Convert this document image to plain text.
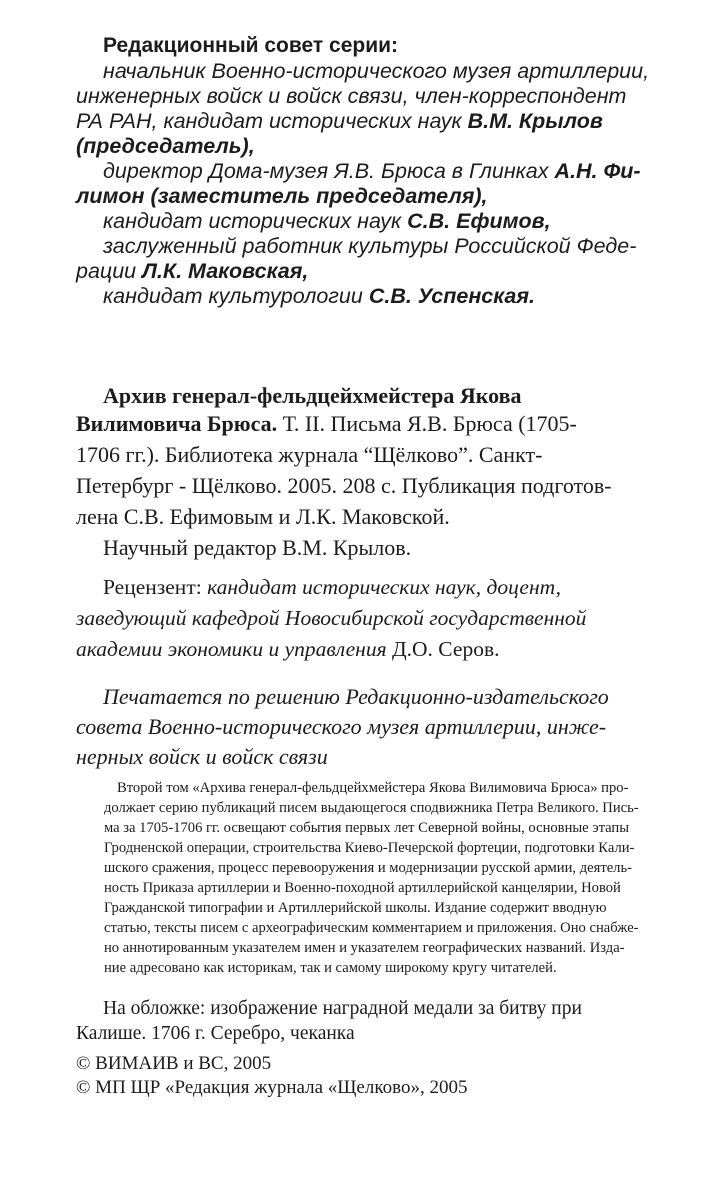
Редакционный совет серии:
начальник Военно-исторического музея артиллерии,
инженерных войск и войск связи, член-корреспондент
РА РАН, кандидат исторических наук В.М. Крылов
(председатель),
директор Дома-музея Я.В. Брюса в Глинках А.Н. Фи-
лимон (заместитель председателя),
кандидат исторических наук С.В. Ефимов,
заслуженный работник культуры Российской Феде-
рации Л.К. Маковская,
кандидат культурологии С.В. Успенская.
Архив генерал-фельдцейхмейстера Якова
Вилимовича Брюса. Т. II. Письма Я.В. Брюса (1705-
1706 гг.). Библиотека журнала “Щёлково”. Санкт-
Петербург - Щёлково. 2005. 208 с. Публикация подготов-
лена С.В. Ефимовым и Л.К. Маковской.
Научный редактор В.М. Крылов.
Рецензент: кандидат исторических наук, доцент,
заведующий кафедрой Новосибирской государственной
академии экономики и управления Д.О. Серов.
Печатается по решению Редакционно-издательского
совета Военно-исторического музея артиллерии, инже-
нерных войск и войск связи
Второй том «Архива генерал-фельдцейхмейстера Якова Вилимовича Брюса» про-
должает серию публикаций писем выдающегося сподвижника Петра Великого. Пись-
ма за 1705-1706 гг. освещают события первых лет Северной войны, основные этапы
Гродненской операции, строительства Киево-Печерской фортеции, подготовки Кали-
шского сражения, процесс перевооружения и модернизации русской армии, деятель-
ность Приказа артиллерии и Военно-походной артиллерийской канцелярии, Новой
Гражданской типографии и Артиллерийской школы. Издание содержит вводную
статью, тексты писем с археографическим комментарием и приложения. Оно снабже-
но аннотированным указателем имен и указателем географических названий. Изда-
ние адресовано как историкам, так и самому широкому кругу читателей.
На обложке: изображение наградной медали за битву при
Калише. 1706 г. Серебро, чеканка
© ВИМАИВ и ВС, 2005
© МП ЩР «Редакция журнала «Щелково», 2005
